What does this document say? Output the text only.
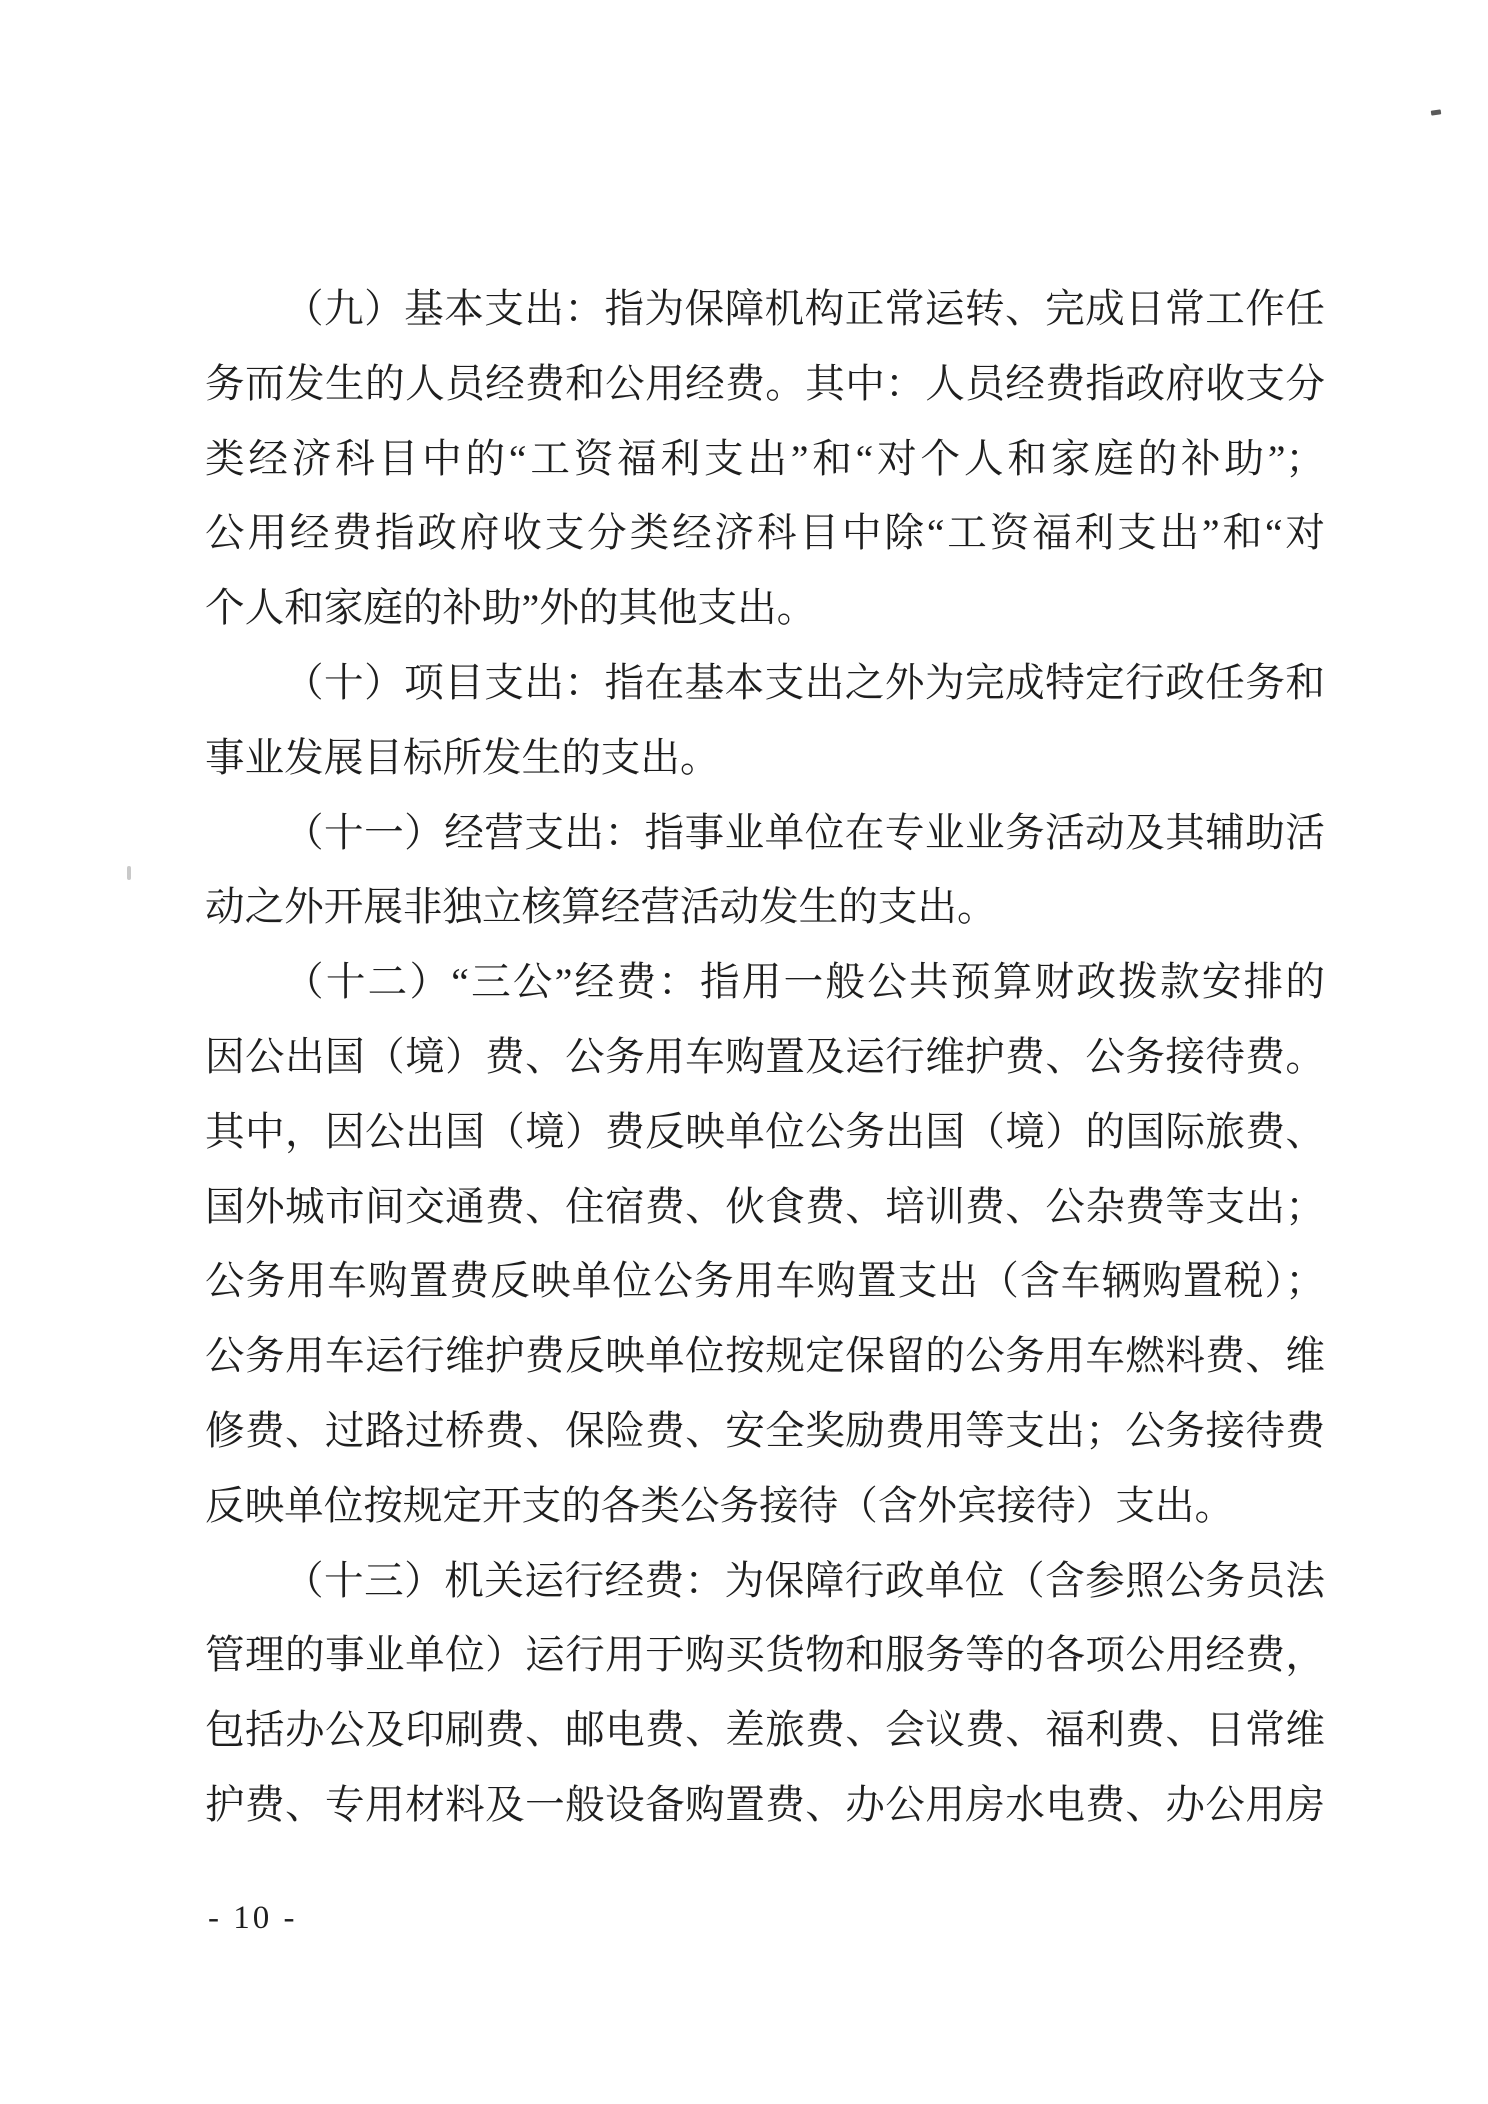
（九）基本支出：指为保障机构正常运转、完成日常工作任
务而发生的人员经费和公用经费。其中：人员经费指政府收支分
类经济科目中的“工资福利支出”和“对个人和家庭的补助”；
公用经费指政府收支分类经济科目中除“工资福利支出”和“对
个人和家庭的补助”外的其他支出。
（十）项目支出：指在基本支出之外为完成特定行政任务和
事业发展目标所发生的支出。
（十一）经营支出：指事业单位在专业业务活动及其辅助活
动之外开展非独立核算经营活动发生的支出。
（十二）“三公”经费：指用一般公共预算财政拨款安排的
因公出国（境）费、公务用车购置及运行维护费、公务接待费。
其中，因公出国（境）费反映单位公务出国（境）的国际旅费、
国外城市间交通费、住宿费、伙食费、培训费、公杂费等支出；
公务用车购置费反映单位公务用车购置支出（含车辆购置税）；
公务用车运行维护费反映单位按规定保留的公务用车燃料费、维
修费、过路过桥费、保险费、安全奖励费用等支出；公务接待费
反映单位按规定开支的各类公务接待（含外宾接待）支出。
（十三）机关运行经费：为保障行政单位（含参照公务员法
管理的事业单位）运行用于购买货物和服务等的各项公用经费，
包括办公及印刷费、邮电费、差旅费、会议费、福利费、日常维
护费、专用材料及一般设备购置费、办公用房水电费、办公用房
- 10 -
